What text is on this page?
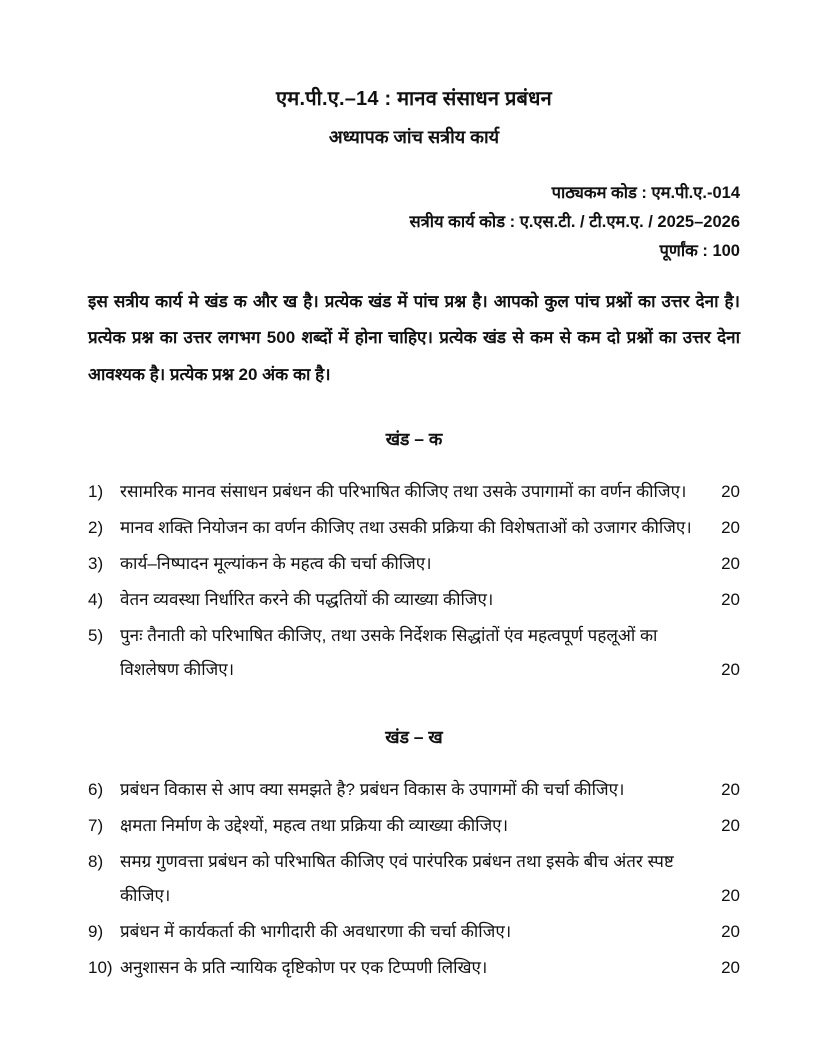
एम.पी.ए.–14 : मानव संसाधन प्रबंधन
अध्यापक जांच सत्रीय कार्य
पाठ्यकम कोड : एम.पी.ए.-014
सत्रीय कार्य कोड : ए.एस.टी. / टी.एम.ए. / 2025–2026
पूर्णांक : 100

इस सत्रीय कार्य मे खंड क और ख है। प्रत्येक खंड में पांच प्रश्न है। आपको कुल पांच प्रश्नों का उत्तर देना है। प्रत्येक प्रश्न का उत्तर लगभग 500 शब्दों में होना चाहिए। प्रत्येक खंड से कम से कम दो प्रश्नों का उत्तर देना आवश्यक है। प्रत्येक प्रश्न 20 अंक का है।

खंड – क
1) रसामरिक मानव संसाधन प्रबंधन की परिभाषित कीजिए तथा उसके उपागामों का वर्णन कीजिए।	20
2) मानव शक्ति नियोजन का वर्णन कीजिए तथा उसकी प्रक्रिया की विशेषताओं को उजागर कीजिए।	20
3) कार्य–निष्पादन मूल्यांकन के महत्व की चर्चा कीजिए।	20
4) वेतन व्यवस्था निर्धारित करने की पद्धतियों की व्याख्या कीजिए।	20
5) पुनः तैनाती को परिभाषित कीजिए, तथा उसके निर्देशक सिद्धांतों एंव महत्वपूर्ण पहलूओं का विशलेषण कीजिए।	20
खंड – ख
6) प्रबंधन विकास से आप क्या समझते है? प्रबंधन विकास के उपागमों की चर्चा कीजिए।	20
7) क्षमता निर्माण के उद्देश्यों, महत्व तथा प्रक्रिया की व्याख्या कीजिए।	20
8) समग्र गुणवत्ता प्रबंधन को परिभाषित कीजिए एवं पारंपरिक प्रबंधन तथा इसके बीच अंतर स्पष्ट कीजिए।	20
9) प्रबंधन में कार्यकर्ता की भागीदारी की अवधारणा की चर्चा कीजिए।	20
10) अनुशासन के प्रति न्यायिक दृष्टिकोण पर एक टिप्पणी लिखिए।	20
